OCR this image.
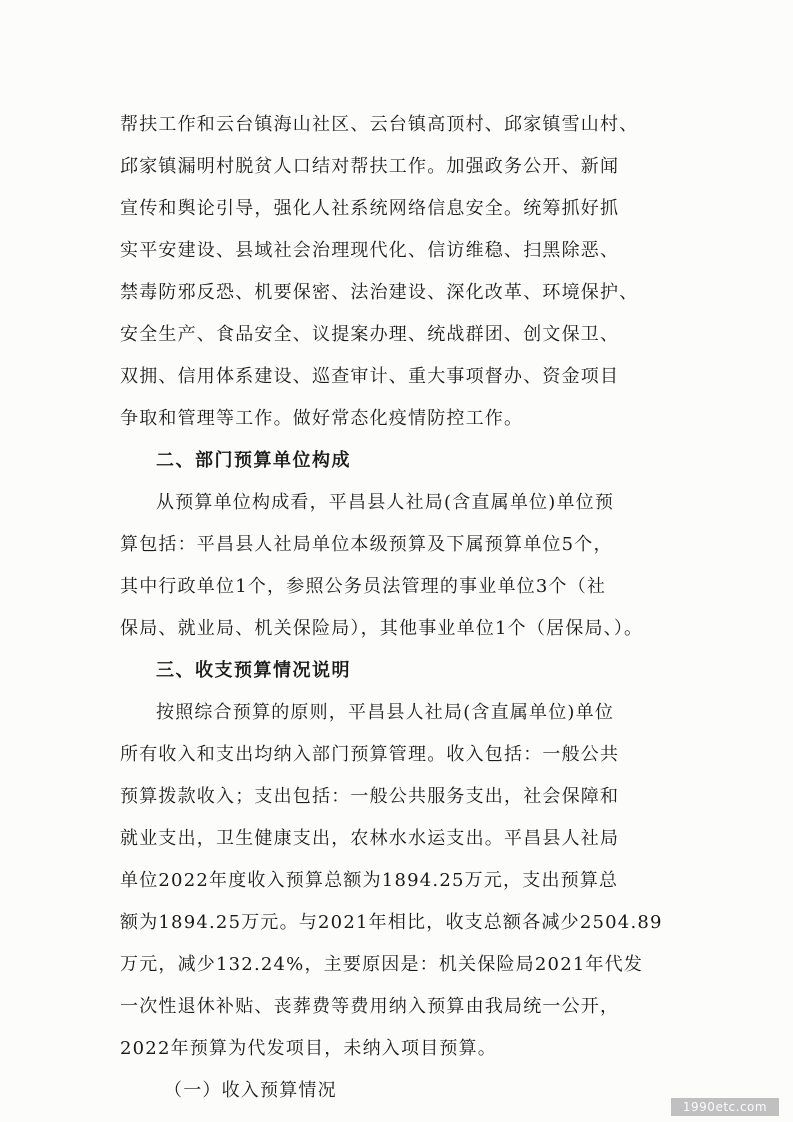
帮扶工作和云台镇海山社区、云台镇高顶村、邱家镇雪山村、
邱家镇漏明村脱贫人口结对帮扶工作。加强政务公开、新闻
宣传和舆论引导，强化人社系统网络信息安全。统筹抓好抓
实平安建设、县域社会治理现代化、信访维稳、扫黑除恶、
禁毒防邪反恐、机要保密、法治建设、深化改革、环境保护、
安全生产、食品安全、议提案办理、统战群团、创文保卫、
双拥、信用体系建设、巡查审计、重大事项督办、资金项目
争取和管理等工作。做好常态化疫情防控工作。
二、部门预算单位构成
从预算单位构成看，平昌县人社局(含直属单位)单位预
算包括：平昌县人社局单位本级预算及下属预算单位5个，
其中行政单位1个，参照公务员法管理的事业单位3个（社
保局、就业局、机关保险局），其他事业单位1个（居保局、）。
三、收支预算情况说明
按照综合预算的原则，平昌县人社局(含直属单位)单位
所有收入和支出均纳入部门预算管理。收入包括：一般公共
预算拨款收入；支出包括：一般公共服务支出，社会保障和
就业支出，卫生健康支出，农林水水运支出。平昌县人社局
单位2022年度收入预算总额为1894.25万元，支出预算总
额为1894.25万元。与2021年相比，收支总额各减少2504.89
万元，减少132.24%，主要原因是：机关保险局2021年代发
一次性退休补贴、丧葬费等费用纳入预算由我局统一公开，
2022年预算为代发项目，未纳入项目预算。
（一）收入预算情况
1990etc.com
